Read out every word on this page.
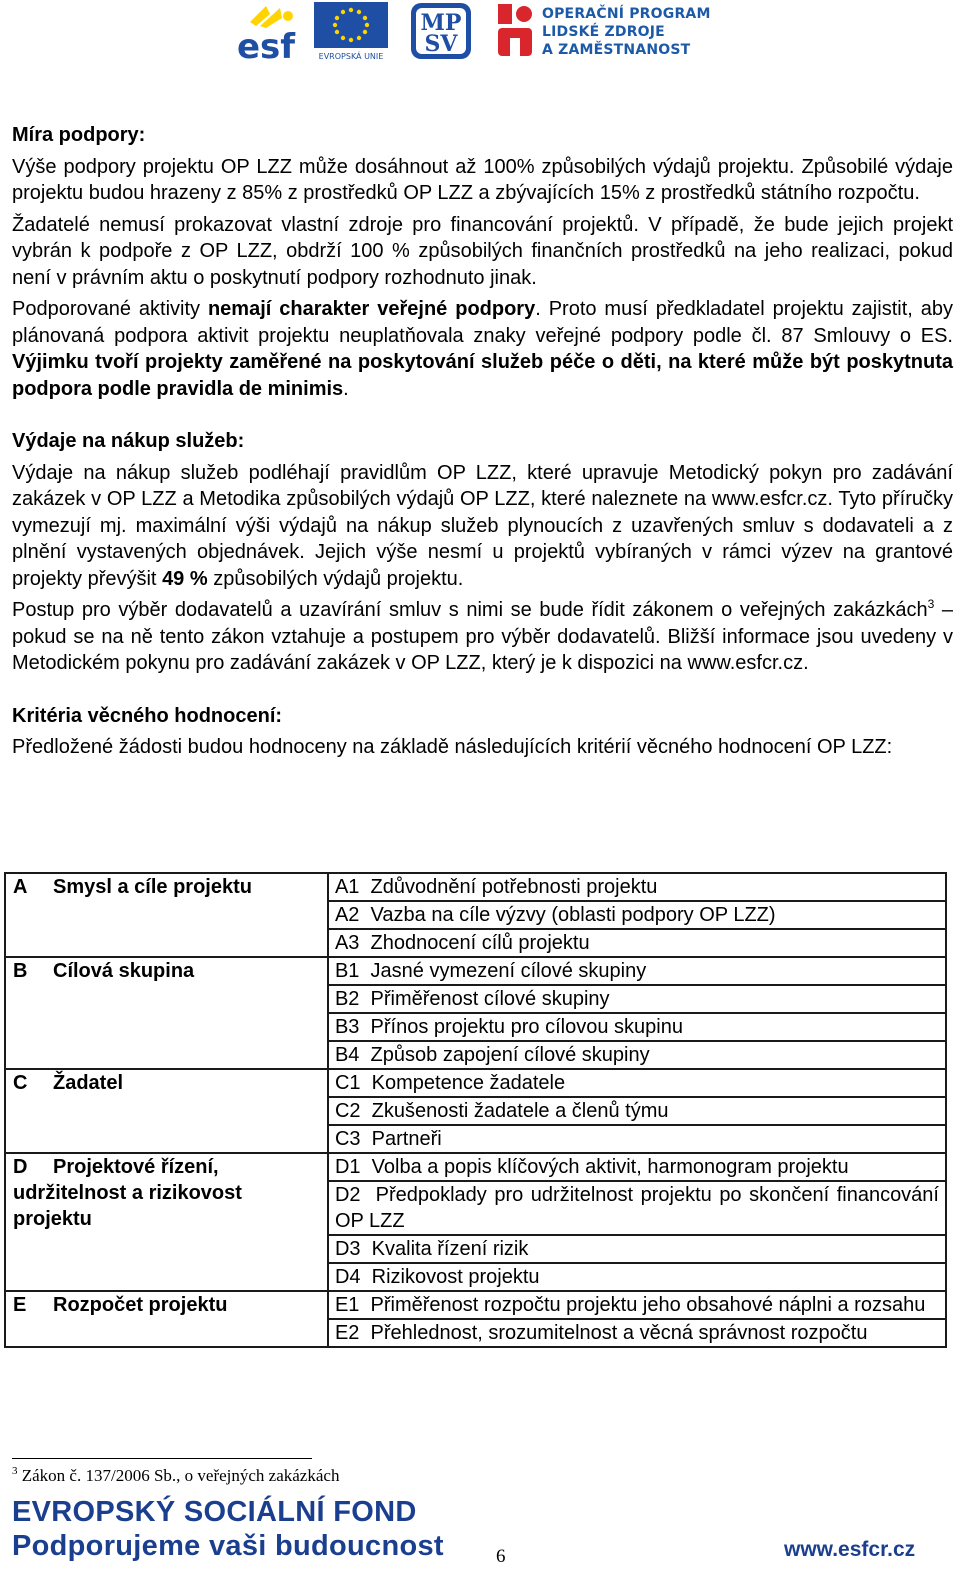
esf	EVROPSKÁ UNIE
MP
SV
OPERAČNÍ PROGRAM
LIDSKÉ ZDROJE
A ZAMĚSTNANOST
Míra podpory:

Výše podpory projektu OP LZZ může dosáhnout až 100% způsobilých výdajů projektu. Způsobilé výdaje projektu budou hrazeny z 85% z prostředků OP LZZ a zbývajících 15% z prostředků státního rozpočtu.

Žadatelé nemusí prokazovat vlastní zdroje pro financování projektů. V případě, že bude jejich projekt vybrán k podpoře z OP LZZ, obdrží 100 % způsobilých finančních prostředků na jeho realizaci, pokud není v právním aktu o poskytnutí podpory rozhodnuto jinak.

Podporované aktivity nemají charakter veřejné podpory. Proto musí předkladatel projektu zajistit, aby plánovaná podpora aktivit projektu neuplatňovala znaky veřejné podpory podle čl. 87 Smlouvy o ES. Výjimku tvoří projekty zaměřené na poskytování služeb péče o děti, na které může být poskytnuta podpora podle pravidla de minimis.

Výdaje na nákup služeb:

Výdaje na nákup služeb podléhají pravidlům OP LZZ, které upravuje Metodický pokyn pro zadávání zakázek v OP LZZ a Metodika způsobilých výdajů OP LZZ, které naleznete na www.esfcr.cz. Tyto příručky vymezují mj. maximální výši výdajů na nákup služeb plynoucích z uzavřených smluv s dodavateli a z plnění vystavených objednávek. Jejich výše nesmí u projektů vybíraných v rámci výzev na grantové projekty převýšit 49 % způsobilých výdajů projektu.

Postup pro výběr dodavatelů a uzavírání smluv s nimi se bude řídit zákonem o veřejných zakázkách$^3$ – pokud se na ně tento zákon vztahuje a postupem pro výběr dodavatelů. Bližší informace jsou uvedeny v Metodickém pokynu pro zadávání zakázek v OP LZZ, který je k dispozici na www.esfcr.cz.

Kritéria věcného hodnocení:

Předložené žádosti budou hodnoceny na základě následujících kritérií věcného hodnocení OP LZZ:

A Smysl a cíle projektu	A1 Zdůvodnění potřebnosti projektu
	A2 Vazba na cíle výzvy (oblasti podpory OP LZZ)
	A3 Zhodnocení cílů projektu
B Cílová skupina	B1 Jasné vymezení cílové skupiny
	B2 Přiměřenost cílové skupiny
	B3 Přínos projektu pro cílovou skupinu
	B4 Způsob zapojení cílové skupiny
C Žadatel	C1 Kompetence žadatele
	C2 Zkušenosti žadatele a členů týmu
	C3 Partneři
D Projektové řízení, udržitelnost a rizikovost projektu	D1 Volba a popis klíčových aktivit, harmonogram projektu
	D2 Předpoklady pro udržitelnost projektu po skončení financování OP LZZ
	D3 Kvalita řízení rizik
	D4 Rizikovost projektu
E Rozpočet projektu	E1 Přiměřenost rozpočtu projektu jeho obsahové náplni a rozsahu
	E2 Přehlednost, srozumitelnost a věcná správnost rozpočtu
$^3$ Zákon č. 137/2006 Sb., o veřejných zakázkách
EVROPSKÝ SOCIÁLNÍ FOND
Podporujeme vaši budoucnost	6	www.esfcr.cz
